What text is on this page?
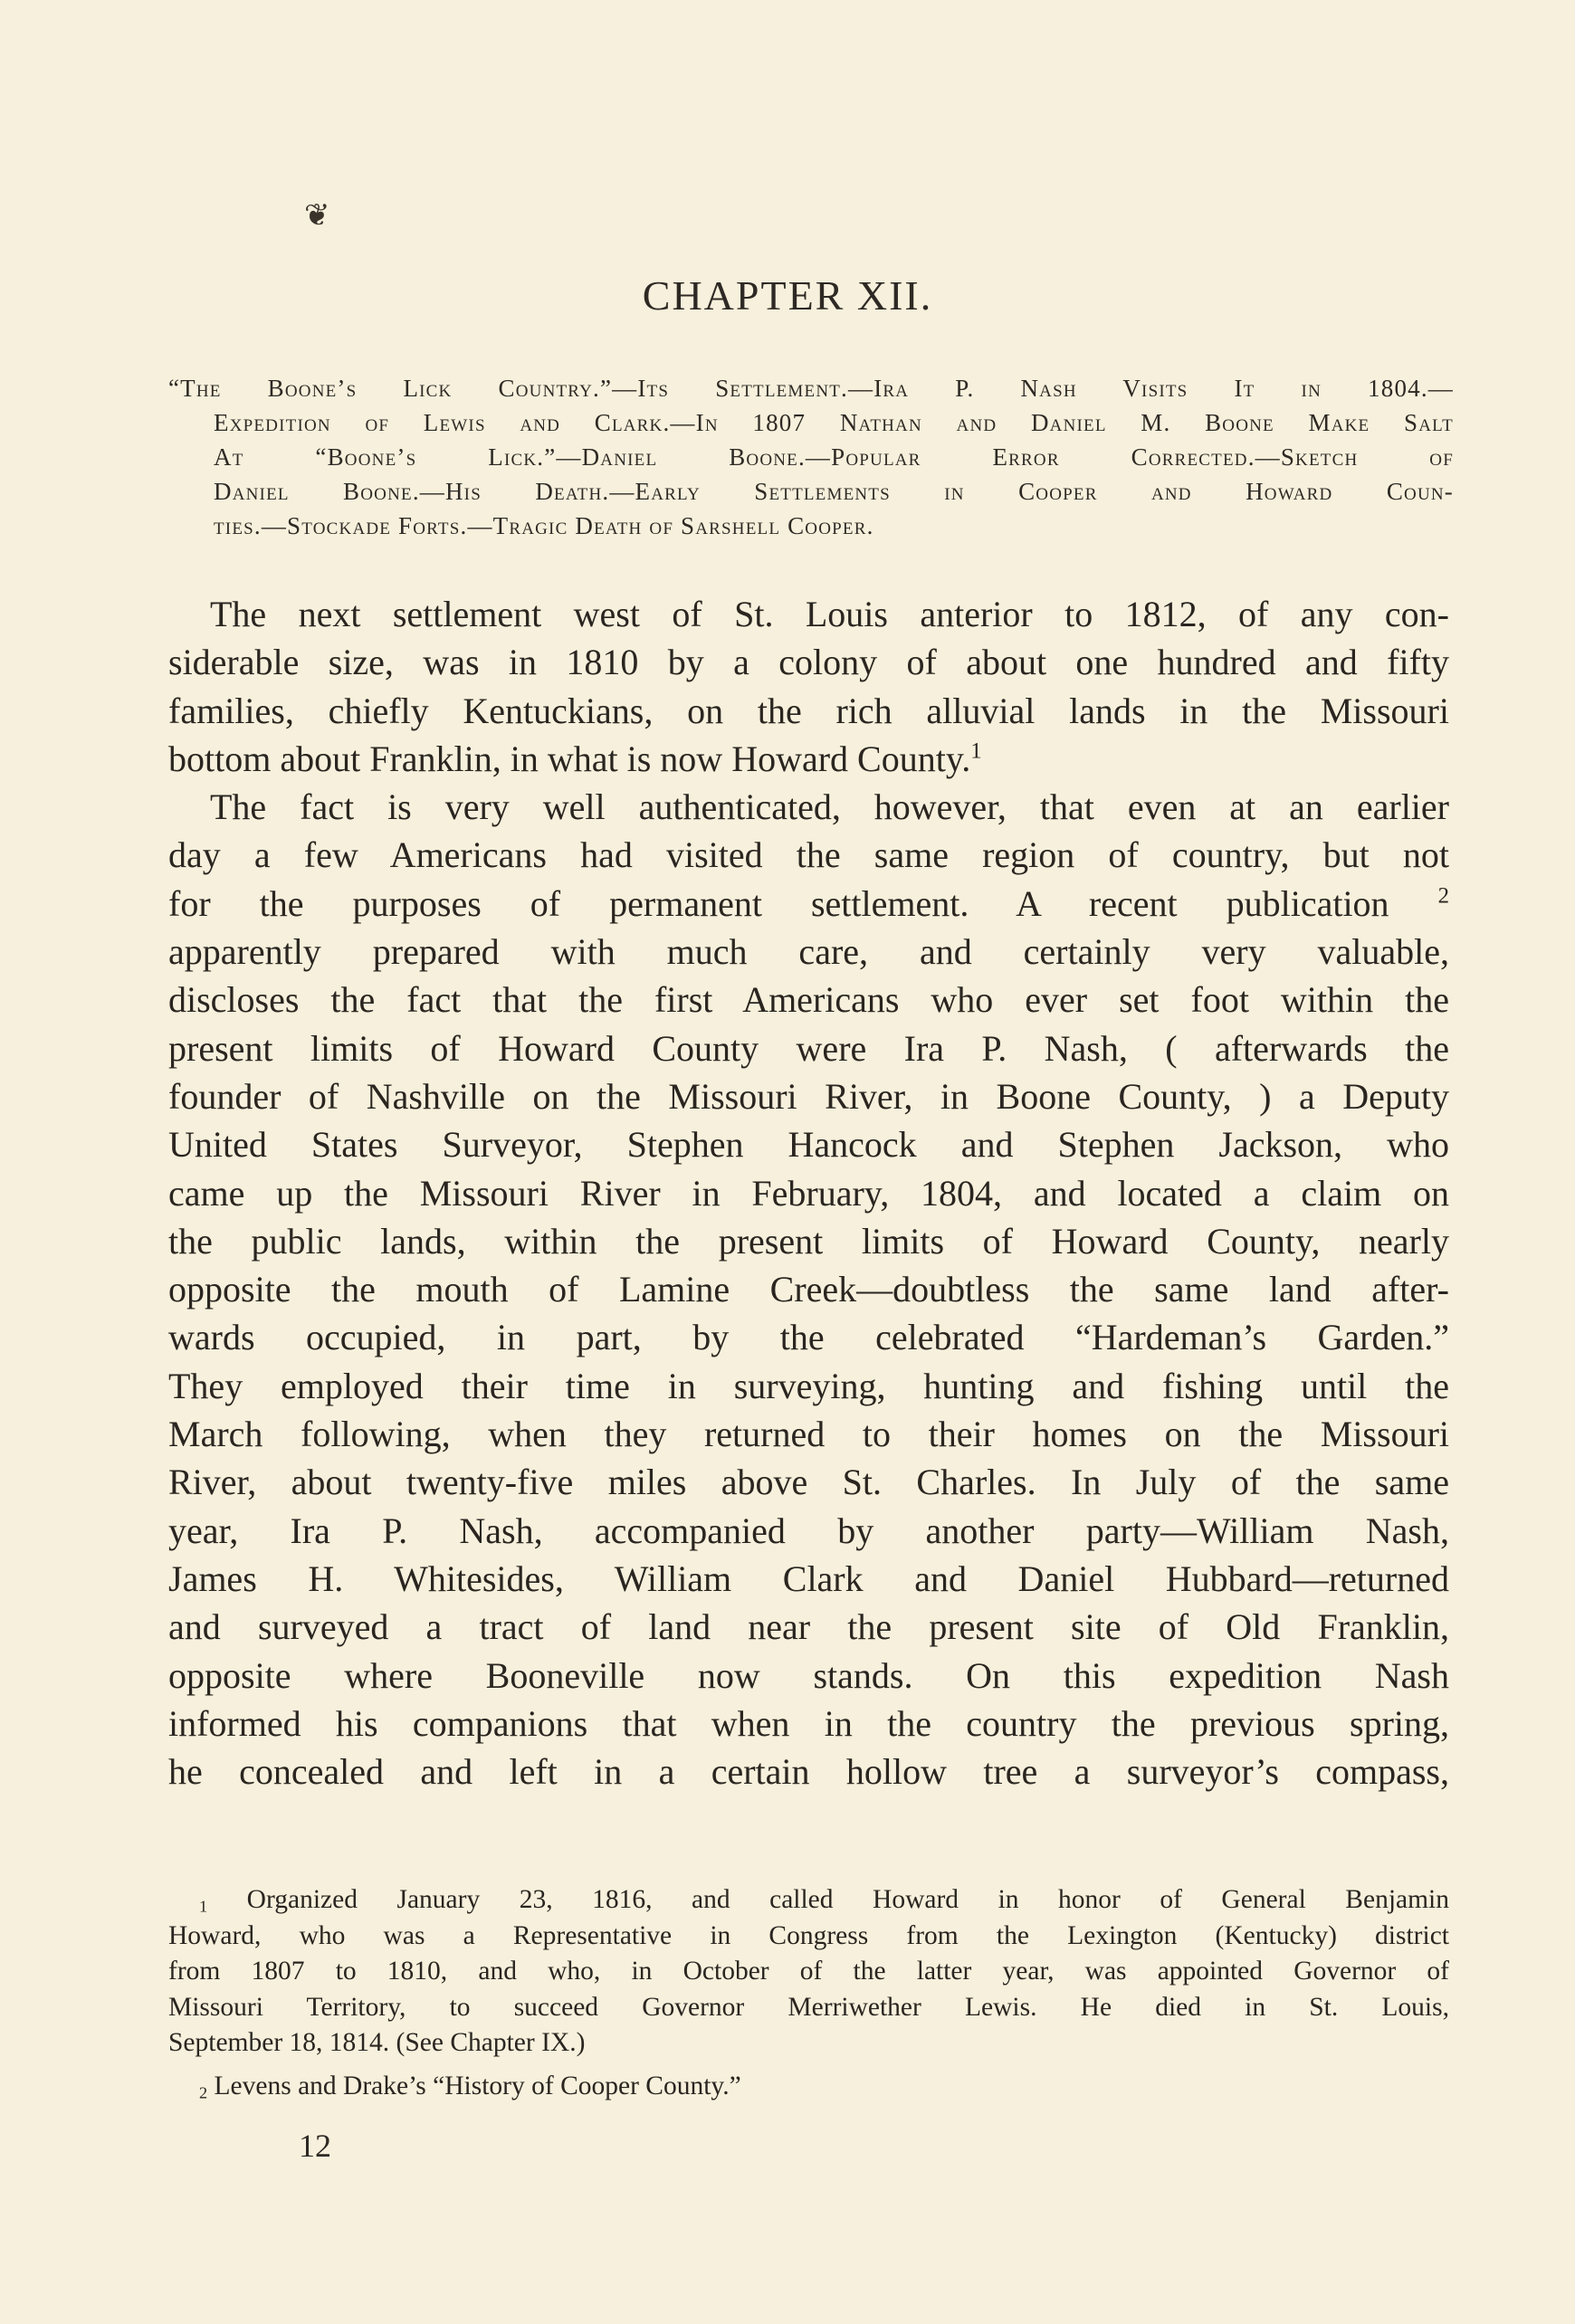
❦
CHAPTER XII.
“The Boone’s Lick Country.”—Its Settlement.—Ira P. Nash Visits It in 1804.—
Expedition of Lewis and Clark.—In 1807 Nathan and Daniel M. Boone Make Salt
At “Boone’s Lick.”—Daniel Boone.—Popular Error Corrected.—Sketch of
Daniel Boone.—His Death.—Early Settlements in Cooper and Howard Coun-
ties.—Stockade Forts.—Tragic Death of Sarshell Cooper.
The next settlement west of St. Louis anterior to 1812, of any con-
siderable size, was in 1810 by a colony of about one hundred and fifty
families, chiefly Kentuckians, on the rich alluvial lands in the Missouri
bottom about Franklin, in what is now Howard County.$^1$
The fact is very well authenticated, however, that even at an earlier
day a few Americans had visited the same region of country, but not
for the purposes of permanent settlement. A recent publication $^2$
apparently prepared with much care, and certainly very valuable,
discloses the fact that the first Americans who ever set foot within the
present limits of Howard County were Ira P. Nash, ( afterwards the
founder of Nashville on the Missouri River, in Boone County, ) a Deputy
United States Surveyor, Stephen Hancock and Stephen Jackson, who
came up the Missouri River in February, 1804, and located a claim on
the public lands, within the present limits of Howard County, nearly
opposite the mouth of Lamine Creek—doubtless the same land after-
wards occupied, in part, by the celebrated “Hardeman’s Garden.”
They employed their time in surveying, hunting and fishing until the
March following, when they returned to their homes on the Missouri
River, about twenty-five miles above St. Charles. In July of the same
year, Ira P. Nash, accompanied by another party—William Nash,
James H. Whitesides, William Clark and Daniel Hubbard—returned
and surveyed a tract of land near the present site of Old Franklin,
opposite where Booneville now stands. On this expedition Nash
informed his companions that when in the country the previous spring,
he concealed and left in a certain hollow tree a surveyor’s compass,
1 Organized January 23, 1816, and called Howard in honor of General Benjamin
Howard, who was a Representative in Congress from the Lexington (Kentucky) district
from 1807 to 1810, and who, in October of the latter year, was appointed Governor of
Missouri Territory, to succeed Governor Merriwether Lewis. He died in St. Louis,
September 18, 1814. (See Chapter IX.)
2 Levens and Drake’s “History of Cooper County.”
12
